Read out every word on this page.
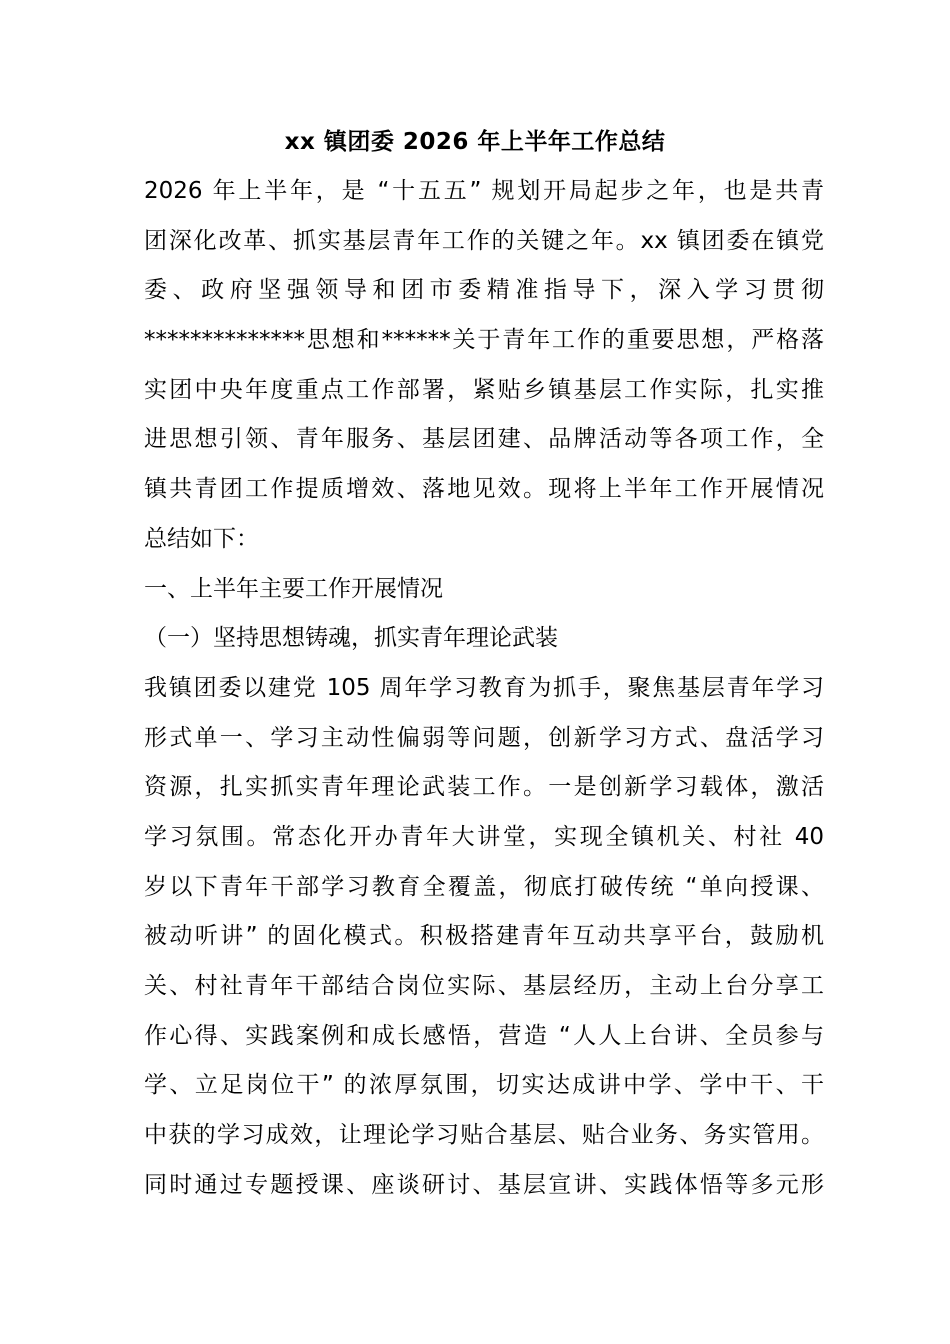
xx 镇团委 2026 年上半年工作总结
2026 年上半年，是 “十五五” 规划开局起步之年，也是共青
团深化改革、抓实基层青年工作的关键之年。xx 镇团委在镇党
委、政府坚强领导和团市委精准指导下，深入学习贯彻
**************思想和******关于青年工作的重要思想，严格落
实团中央年度重点工作部署，紧贴乡镇基层工作实际，扎实推
进思想引领、青年服务、基层团建、品牌活动等各项工作，全
镇共青团工作提质增效、落地见效。现将上半年工作开展情况
总结如下：
一、上半年主要工作开展情况
（一）坚持思想铸魂，抓实青年理论武装
我镇团委以建党 105 周年学习教育为抓手，聚焦基层青年学习
形式单一、学习主动性偏弱等问题，创新学习方式、盘活学习
资源，扎实抓实青年理论武装工作。一是创新学习载体，激活
学习氛围。常态化开办青年大讲堂，实现全镇机关、村社 40
岁以下青年干部学习教育全覆盖，彻底打破传统 “单向授课、
被动听讲” 的固化模式。积极搭建青年互动共享平台，鼓励机
关、村社青年干部结合岗位实际、基层经历，主动上台分享工
作心得、实践案例和成长感悟，营造 “人人上台讲、全员参与
学、立足岗位干” 的浓厚氛围，切实达成讲中学、学中干、干
中获的学习成效，让理论学习贴合基层、贴合业务、务实管用。
同时通过专题授课、座谈研讨、基层宣讲、实践体悟等多元形
